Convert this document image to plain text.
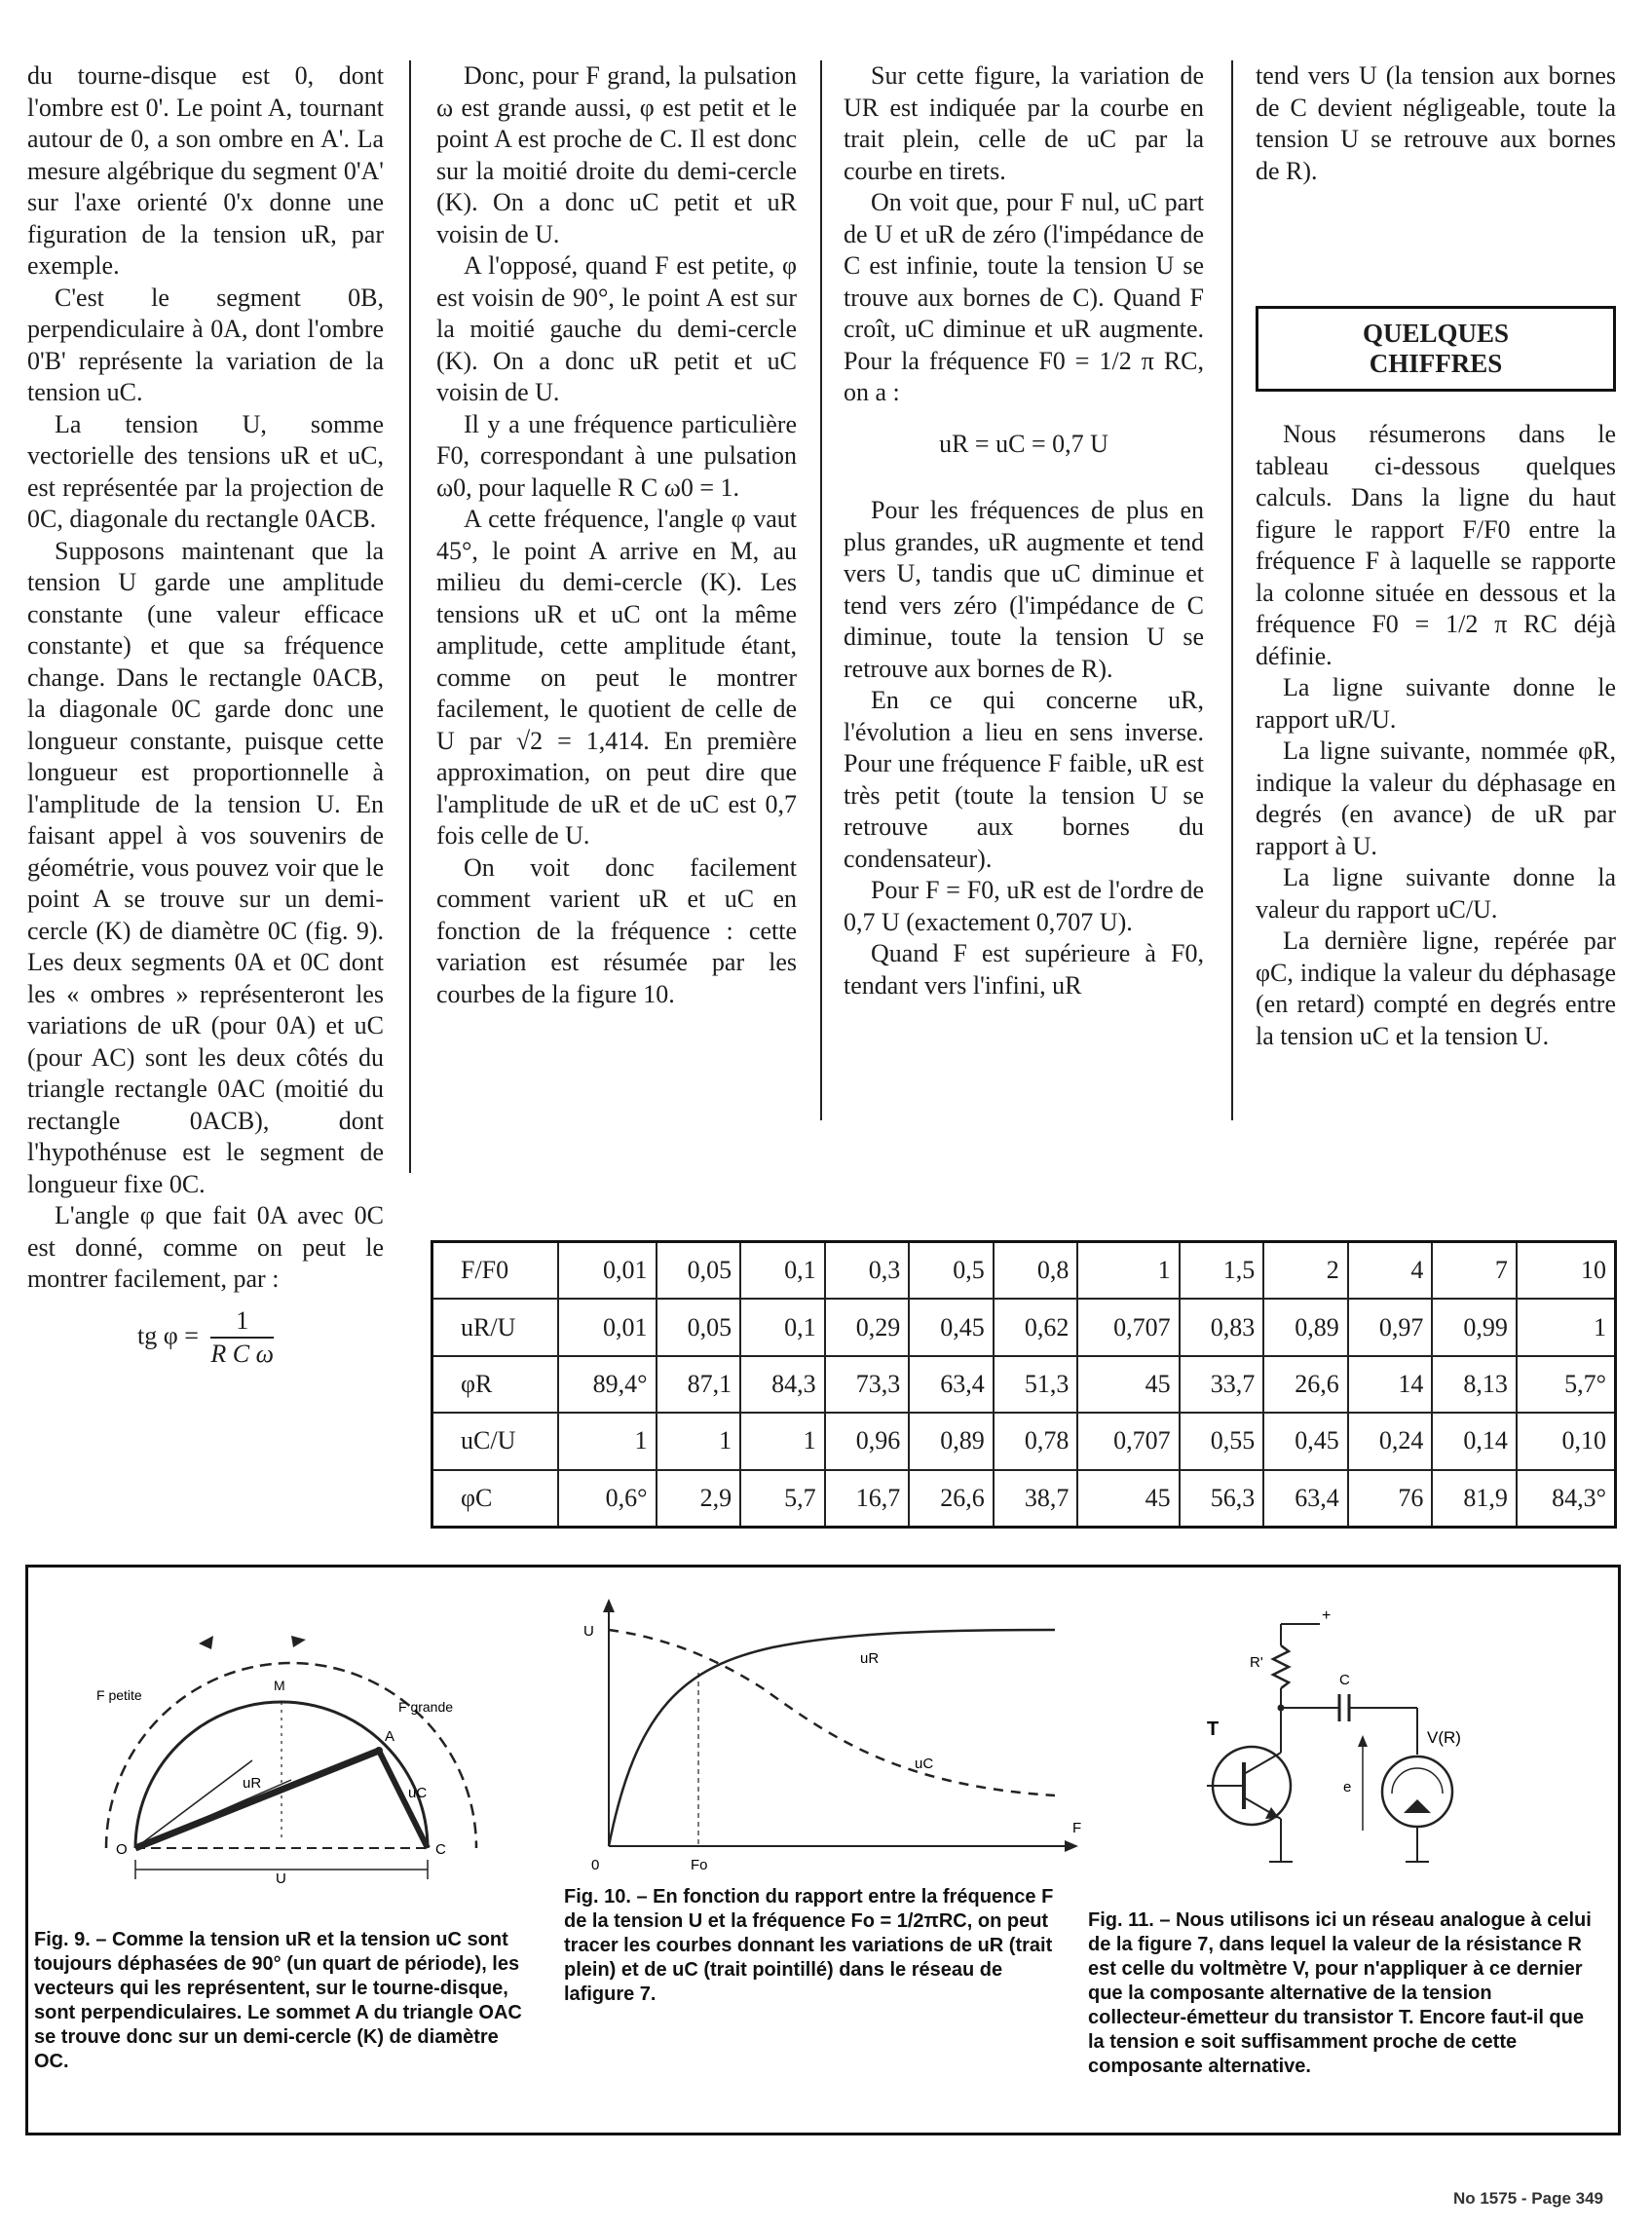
du tourne-disque est 0, dont l'ombre est 0'. Le point A, tournant autour de 0, a son ombre en A'. La mesure algébrique du segment 0'A' sur l'axe orienté 0'x donne une figuration de la tension uR, par exemple.

C'est le segment 0B, perpendiculaire à 0A, dont l'ombre 0'B' représente la variation de la tension uC.

La tension U, somme vectorielle des tensions uR et uC, est représentée par la projection de 0C, diagonale du rectangle 0ACB.

Supposons maintenant que la tension U garde une amplitude constante (une valeur efficace constante) et que sa fréquence change. Dans le rectangle 0ACB, la diagonale 0C garde donc une longueur constante, puisque cette longueur est proportionnelle à l'amplitude de la tension U. En faisant appel à vos souvenirs de géométrie, vous pouvez voir que le point A se trouve sur un demi-cercle (K) de diamètre 0C (fig. 9). Les deux segments 0A et 0C dont les « ombres » représenteront les variations de uR (pour 0A) et uC (pour AC) sont les deux côtés du triangle rectangle 0AC (moitié du rectangle 0ACB), dont l'hypothénuse est le segment de longueur fixe 0C.

L'angle φ que fait 0A avec 0C est donné, comme on peut le montrer facilement, par :

tg $\varphi = \frac{1}{\text{R C ω}}$

Donc, pour F grand, la pulsation ω est grande aussi, φ est petit et le point A est proche de C. Il est donc sur la moitié droite du demi-cercle (K). On a donc uC petit et uR voisin de U.

A l'opposé, quand F est petite, φ est voisin de 90°, le point A est sur la moitié gauche du demi-cercle (K). On a donc uR petit et uC voisin de U.

Il y a une fréquence particulière F0, correspondant à une pulsation ω0, pour laquelle R C ω0 = 1.

A cette fréquence, l'angle φ vaut 45°, le point A arrive en M, au milieu du demi-cercle (K). Les tensions uR et uC ont la même amplitude, cette amplitude étant, comme on peut le montrer facilement, le quotient de celle de U par √2 = 1,414. En première approximation, on peut dire que l'amplitude de uR et de uC est 0,7 fois celle de U.

On voit donc facilement comment varient uR et uC en fonction de la fréquence : cette variation est résumée par les courbes de la figure 10.

Sur cette figure, la variation de UR est indiquée par la courbe en trait plein, celle de uC par la courbe en tirets.

On voit que, pour F nul, uC part de U et uR de zéro (l'impédance de C est infinie, toute la tension U se trouve aux bornes de C). Quand F croît, uC diminue et uR augmente. Pour la fréquence F0 = 1/2 π RC, on a :

uR = uC = 0,7 U

Pour les fréquences de plus en plus grandes, uR augmente et tend vers U, tandis que uC diminue et tend vers zéro (l'impédance de C diminue, toute la tension U se retrouve aux bornes de R).

En ce qui concerne uR, l'évolution a lieu en sens inverse. Pour une fréquence F faible, uR est très petit (toute la tension U se retrouve aux bornes du condensateur).

Pour F = F0, uR est de l'ordre de 0,7 U (exactement 0,707 U).

Quand F est supérieure à F0, tendant vers l'infini, uR

tend vers U (la tension aux bornes de C devient négligeable, toute la tension U se retrouve aux bornes de R).

QUELQUES
CHIFFRES

Nous résumerons dans le tableau ci-dessous quelques calculs. Dans la ligne du haut figure le rapport F/F0 entre la fréquence F à laquelle se rapporte la colonne située en dessous et la fréquence F0 = 1/2 π RC déjà définie.

La ligne suivante donne le rapport uR/U.

La ligne suivante, nommée φR, indique la valeur du déphasage en degrés (en avance) de uR par rapport à U.

La ligne suivante donne la valeur du rapport uC/U.

La dernière ligne, repérée par φC, indique la valeur du déphasage (en retard) compté en degrés entre la tension uC et la tension U.

F/F0	0,01	0,05	0,1	0,3	0,5	0,8	1	1,5	2	4	7	10
uR/U	0,01	0,05	0,1	0,29	0,45	0,62	0,707	0,83	0,89	0,97	0,99	1
φR	89,4°	87,1	84,3	73,3	63,4	51,3	45	33,7	26,6	14	8,13	5,7°
uC/U	1	1	1	0,96	0,89	0,78	0,707	0,55	0,45	0,24	0,14	0,10
φC	0,6°	2,9	5,7	16,7	26,6	38,7	45	56,3	63,4	76	81,9	84,3°
F petite
M
F grande
A
uR
uC
O	C
U
Fig. 9. – Comme la tension uR et la tension uC sont toujours déphasées de 90° (un quart de période), les vecteurs qui les représentent, sur le tourne-disque, sont perpendiculaires. Le sommet A du triangle OAC se trouve donc sur un demi-cercle (K) de diamètre OC.
U
uR
uC
0	Fo
F
Fig. 10. – En fonction du rapport entre la fréquence F de la tension U et la fréquence Fo = 1/2πRC, on peut tracer les courbes donnant les variations de uR (trait plein) et de uC (trait pointillé) dans le réseau de lafigure 7.
+
R'
C
T	V(R)
e
Fig. 11. – Nous utilisons ici un réseau analogue à celui de la figure 7, dans lequel la valeur de la résistance R est celle du voltmètre V, pour n'appliquer à ce dernier que la composante alternative de la tension collecteur-émetteur du transistor T. Encore faut-il que la tension e soit suffisamment proche de cette composante alternative.
No 1575 - Page 349
